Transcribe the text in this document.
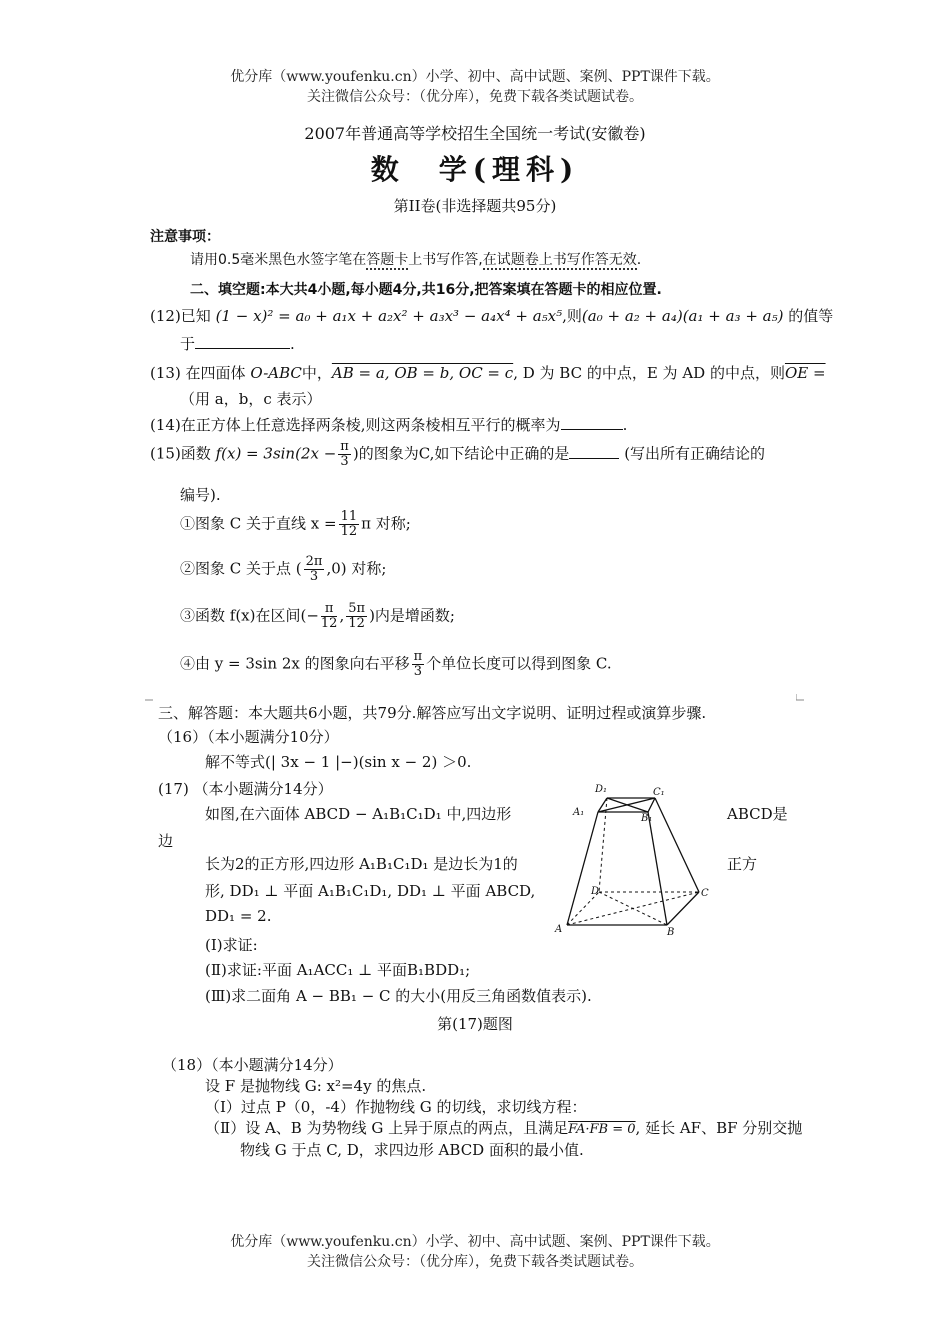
优分库（www.youfenku.cn）小学、初中、高中试题、案例、PPT课件下载。
关注微信公众号：（优分库），免费下载各类试题试卷。
2007年普通高等学校招生全国统一考试(安徽卷)
数　学(理科)
第II卷(非选择题共95分)
注意事项：
请用0.5毫米黑色水签字笔在答题卡上书写作答,在试题卷上书写作答无效.
二、填空题:本大共4小题,每小题4分,共16分,把答案填在答题卡的相应位置.
(12)已知 (1 − x)² = a₀ + a₁x + a₂x² + a₃x³ − a₄x⁴ + a₅x⁵,则(a₀ + a₂ + a₄)(a₁ + a₃ + a₅) 的值等
于	.
(13) 在四面体 O-ABC中，AB = a, OB = b, OC = c, D 为 BC 的中点，E 为 AD 的中点，则OE =
（用 a，b，c 表示）
(14)在正方体上任意选择两条棱,则这两条棱相互平行的概率为	.
(15)函数 $f(x) = 3\sin(2x - \frac{\pi}{3}$ )的图象为C,如下结论中正确的是	(写出所有正确结论的
编号).
①图象 C 关于直线 $x = \frac{11}{12}$ π 对称;
②图象 C 关于点 ( $\frac{2\pi}{3} ,0$) 对称;
③函数 f(x)在区间(− $\frac{\pi}{12}$ , $\frac{5\pi}{12}$ )内是增函数;
④由 y = 3sin 2x 的图象向右平移 $\frac{\pi}{3}$ 个单位长度可以得到图象 C.
三、解答题：本大题共6小题，共79分.解答应写出文字说明、证明过程或演算步骤.
（16）（本小题满分10分）
解不等式(| 3x − 1 |−)(sin x − 2) ＞0.
(17) （本小题满分14分）
如图,在六面体 ABCD − A₁B₁C₁D₁ 中,四边形	ABCD是
边
长为2的正方形,四边形 A₁B₁C₁D₁ 是边长为1的	正方
形, DD₁ ⊥ 平面 A₁B₁C₁D₁, DD₁ ⊥ 平面 ABCD,
DD₁ = 2.
(Ⅰ)求证:
(Ⅱ)求证:平面 A₁ACC₁ ⊥ 平面B₁BDD₁;
(Ⅲ)求二面角 A − BB₁ − C 的大小(用反三角函数值表示).
第(17)题图
A	B
C
D
A₁
B₁
C₁
D₁
（18）（本小题满分14分）
设 F 是抛物线 G: x²=4y 的焦点.
（Ⅰ）过点 P（0，-4）作抛物线 G 的切线，求切线方程：
（Ⅱ）设 A、B 为势物线 G 上异于原点的两点，且满足FA·FB = 0, 延长 AF、BF 分别交抛
物线 G 于点 C, D，求四边形 ABCD 面积的最小值.
优分库（www.youfenku.cn）小学、初中、高中试题、案例、PPT课件下载。
关注微信公众号：（优分库），免费下载各类试题试卷。
